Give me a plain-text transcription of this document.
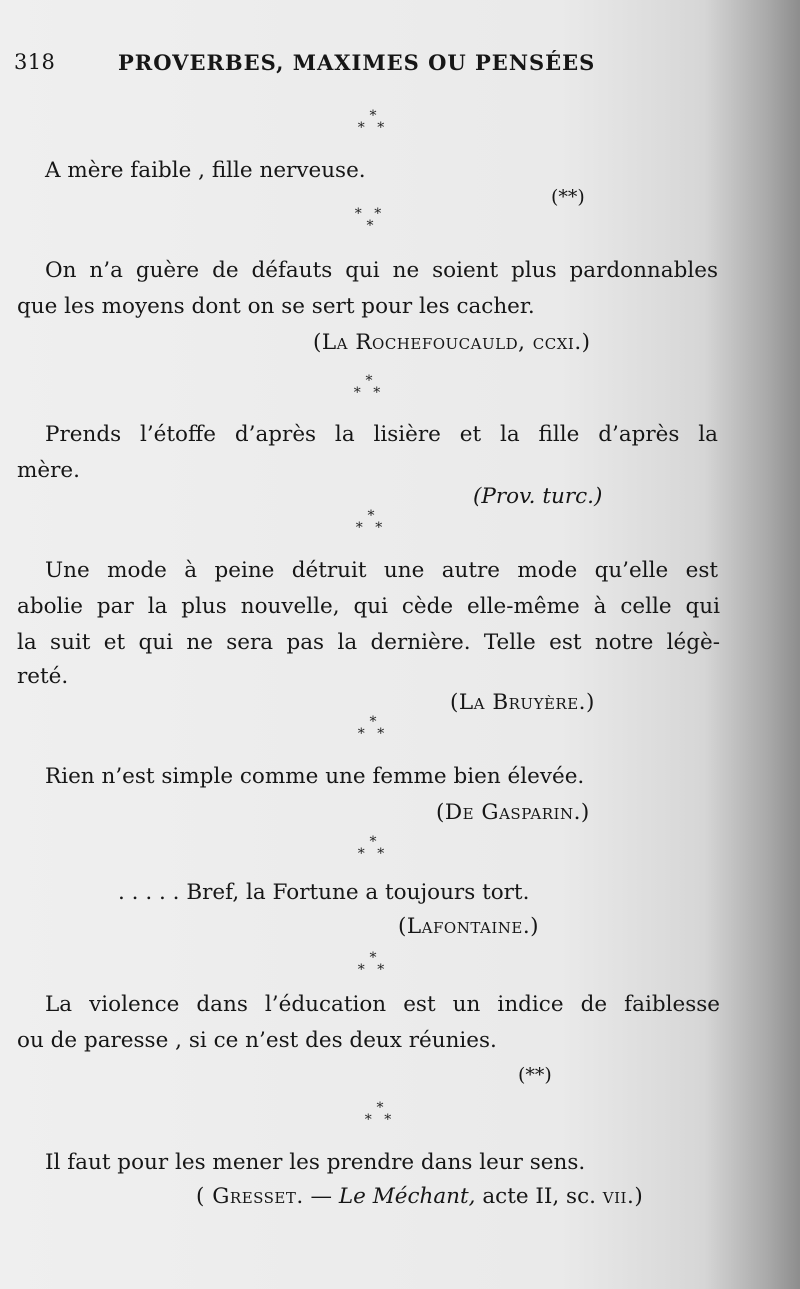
318	PROVERBES, MAXIMES OU PENSÉES
*
* *
A mère faible , fille nerveuse.
(**)
* *
*
On n’a guère de défauts qui ne soient plus pardonnables
que les moyens dont on se sert pour les cacher.
(La Rochefoucauld, ccxi.)
*
* *
Prends l’étoffe d’après la lisière et la fille d’après la
mère.
(Prov. turc.)
*
* *
Une mode à peine détruit une autre mode qu’elle est
abolie par la plus nouvelle, qui cède elle-même à celle qui
la suit et qui ne sera pas la dernière. Telle est notre légè-
reté.
(La Bruyère.)
*
* *
Rien n’est simple comme une femme bien élevée.
(De Gasparin.)
*
* *
. . . . . Bref, la Fortune a toujours tort.
(Lafontaine.)
*
* *
La violence dans l’éducation est un indice de faiblesse
ou de paresse , si ce n’est des deux réunies.
(**)
*
* *
Il faut pour les mener les prendre dans leur sens.
( Gresset. — Le Méchant, acte II, sc. vii.)
